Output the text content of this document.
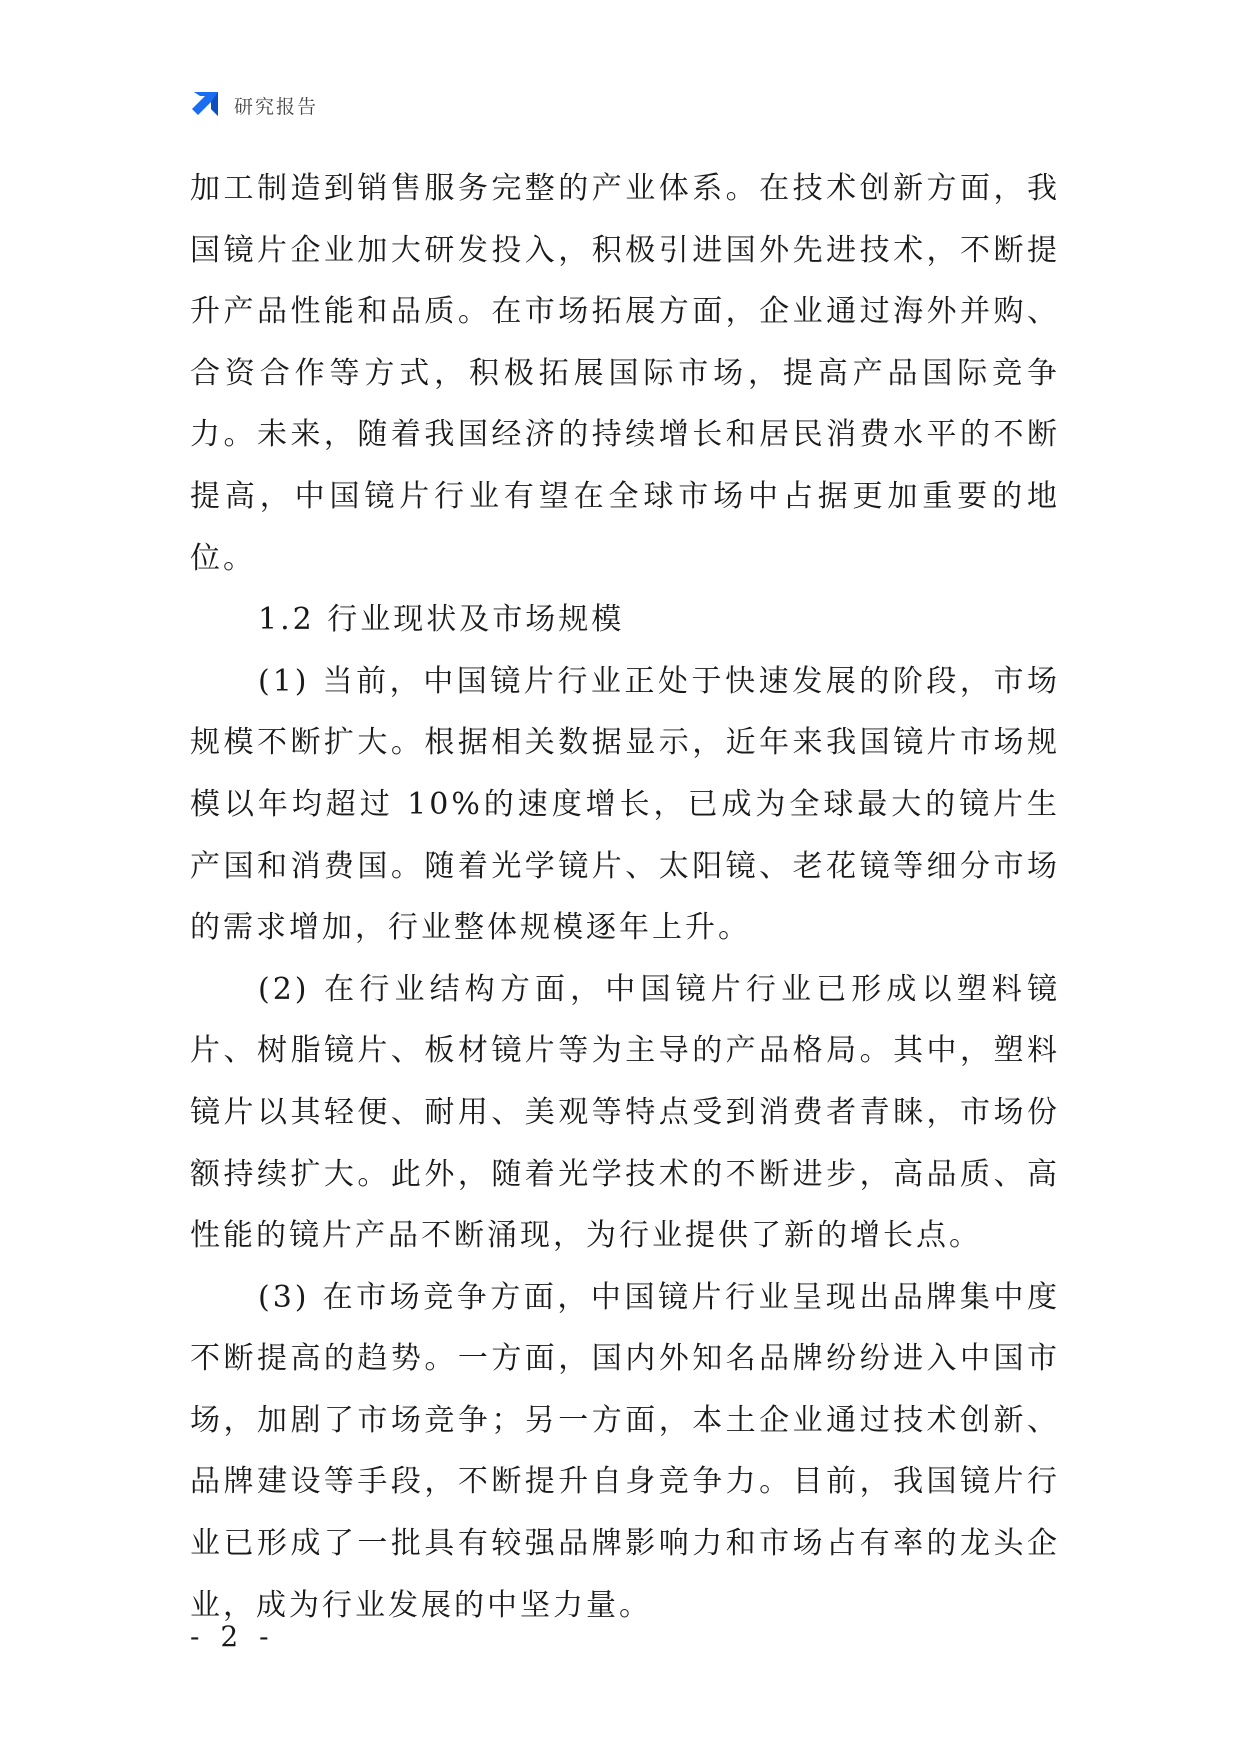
研究报告

加工制造到销售服务完整的产业体系。在技术创新方面，我国镜片企业加大研发投入，积极引进国外先进技术，不断提升产品性能和品质。在市场拓展方面，企业通过海外并购、合资合作等方式，积极拓展国际市场，提高产品国际竞争力。未来，随着我国经济的持续增长和居民消费水平的不断提高，中国镜片行业有望在全球市场中占据更加重要的地位。

1.2 行业现状及市场规模

(1) 当前，中国镜片行业正处于快速发展的阶段，市场规模不断扩大。根据相关数据显示，近年来我国镜片市场规模以年均超过 10%的速度增长，已成为全球最大的镜片生产国和消费国。随着光学镜片、太阳镜、老花镜等细分市场的需求增加，行业整体规模逐年上升。

(2) 在行业结构方面，中国镜片行业已形成以塑料镜片、树脂镜片、板材镜片等为主导的产品格局。其中，塑料镜片以其轻便、耐用、美观等特点受到消费者青睐，市场份额持续扩大。此外，随着光学技术的不断进步，高品质、高性能的镜片产品不断涌现，为行业提供了新的增长点。

(3) 在市场竞争方面，中国镜片行业呈现出品牌集中度不断提高的趋势。一方面，国内外知名品牌纷纷进入中国市场，加剧了市场竞争；另一方面，本土企业通过技术创新、品牌建设等手段，不断提升自身竞争力。目前，我国镜片行业已形成了一批具有较强品牌影响力和市场占有率的龙头企业，成为行业发展的中坚力量。

- 2 -
